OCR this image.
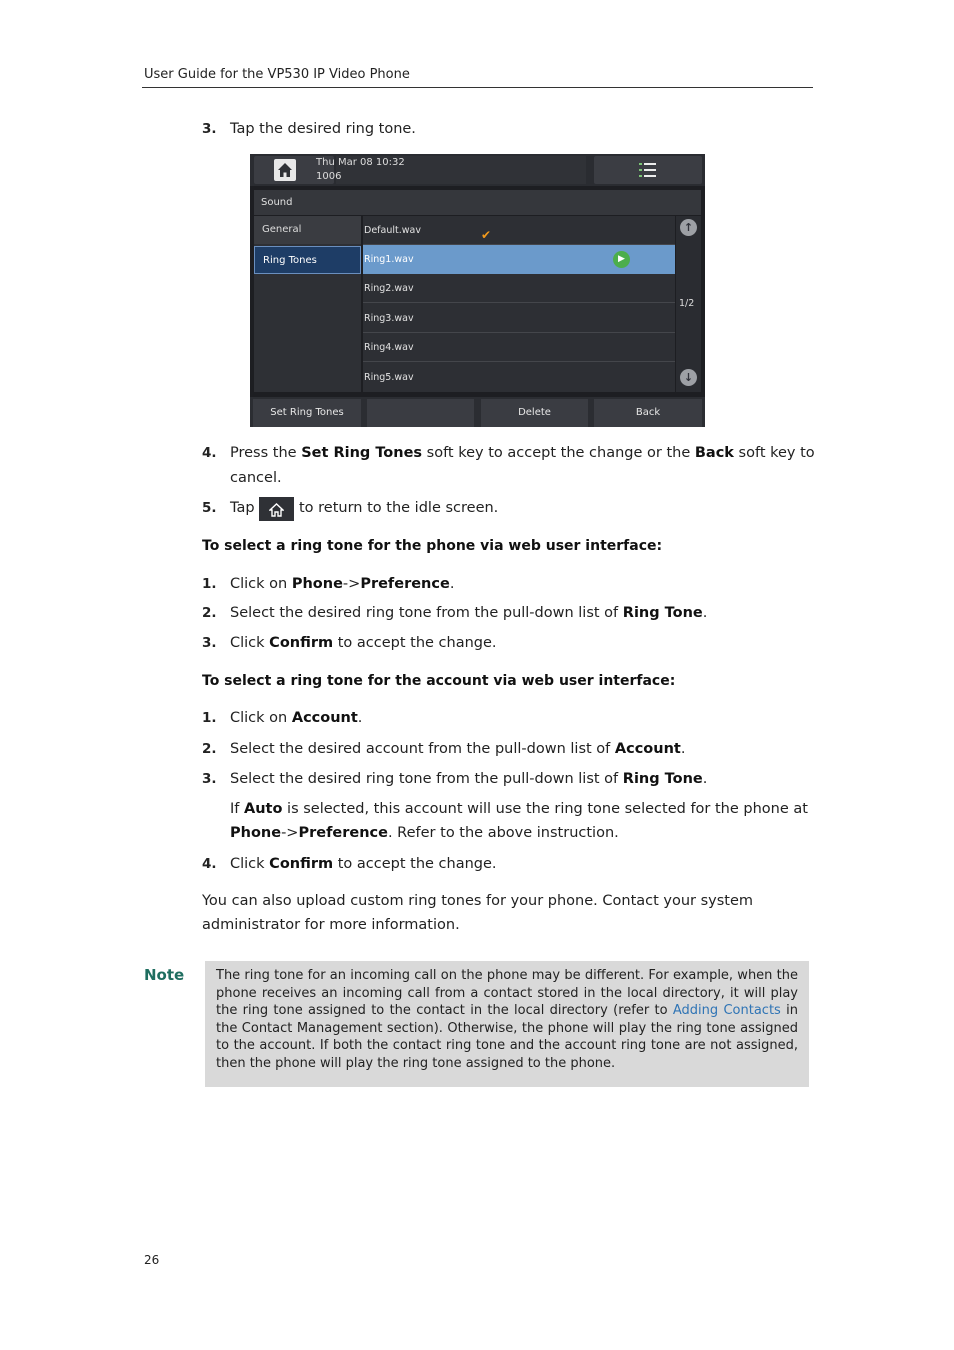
User Guide for the VP530 IP Video Phone
3. Tap the desired ring tone.
Thu Mar 08 10:32
1006
Sound
General
Ring Tones
Default.wav	✔
Ring1.wav	▶
Ring2.wav
Ring3.wav
Ring4.wav
Ring5.wav
↑
1/2
↓
Set Ring Tones	Delete	Back
4. Press the Set Ring Tones soft key to accept the change or the Back soft key to
cancel.
5. Tap	to return to the idle screen.
To select a ring tone for the phone via web user interface:
1. Click on Phone->Preference.
2. Select the desired ring tone from the pull-down list of Ring Tone.
3. Click Confirm to accept the change.
To select a ring tone for the account via web user interface:
1. Click on Account.
2. Select the desired account from the pull-down list of Account.
3. Select the desired ring tone from the pull-down list of Ring Tone.
If Auto is selected, this account will use the ring tone selected for the phone at
Phone->Preference. Refer to the above instruction.
4. Click Confirm to accept the change.
You can also upload custom ring tones for your phone. Contact your system
administrator for more information.
Note The ring tone for an incoming call on the phone may be different. For example, when the phone receives an incoming call from a contact stored in the local directory, it will play the ring tone assigned to the contact in the local directory (refer to Adding Contacts in the Contact Management section). Otherwise, the phone will play the ring tone assigned to the account. If both the contact ring tone and the account ring tone are not assigned, then the phone will play the ring tone assigned to the phone.
26
